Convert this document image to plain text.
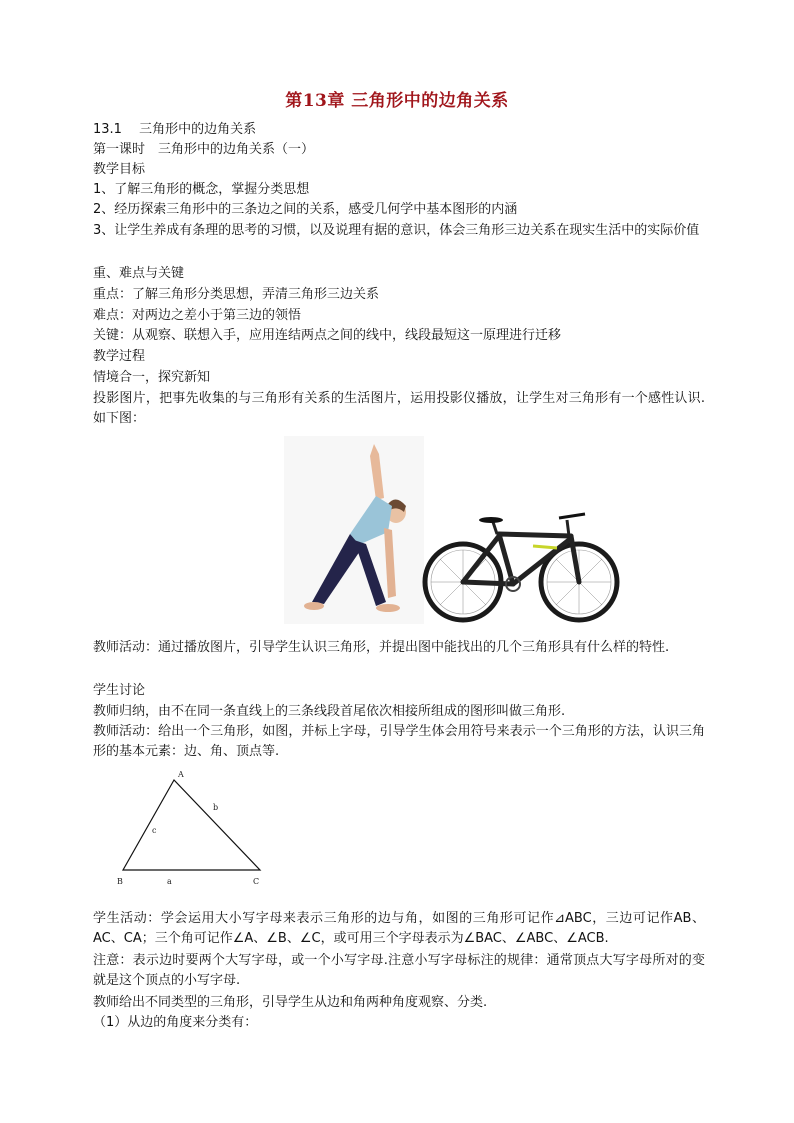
第13章 三角形中的边角关系
13.1　 三角形中的边角关系
第一课时　三角形中的边角关系（一）
教学目标
1、了解三角形的概念，掌握分类思想
2、经历探索三角形中的三条边之间的关系，感受几何学中基本图形的内涵
3、让学生养成有条理的思考的习惯，以及说理有据的意识，体会三角形三边关系在现实生活中的实际价值
重、难点与关键
重点：了解三角形分类思想，弄清三角形三边关系
难点：对两边之差小于第三边的领悟
关键：从观察、联想入手，应用连结两点之间的线中，线段最短这一原理进行迁移
教学过程
情境合一，探究新知
投影图片，把事先收集的与三角形有关系的生活图片，运用投影仪播放，让学生对三角形有一个感性认识.如下图：
教师活动：通过播放图片，引导学生认识三角形，并提出图中能找出的几个三角形具有什么样的特性.
学生讨论
教师归纳，由不在同一条直线上的三条线段首尾依次相接所组成的图形叫做三角形.
教师活动：给出一个三角形，如图，并标上字母，引导学生体会用符号来表示一个三角形的方法，认识三角形的基本元素：边、角、顶点等.
A
B	C
b
c
a
学生活动：学会运用大小写字母来表示三角形的边与角，如图的三角形可记作⊿ABC，三边可记作AB、AC、CA；三个角可记作∠A、∠B、∠C，或可用三个字母表示为∠BAC、∠ABC、∠ACB.
注意：表示边时要两个大写字母，或一个小写字母.注意小写字母标注的规律：通常顶点大写字母所对的变就是这个顶点的小写字母.
教师给出不同类型的三角形，引导学生从边和角两种角度观察、分类.
（1）从边的角度来分类有：
